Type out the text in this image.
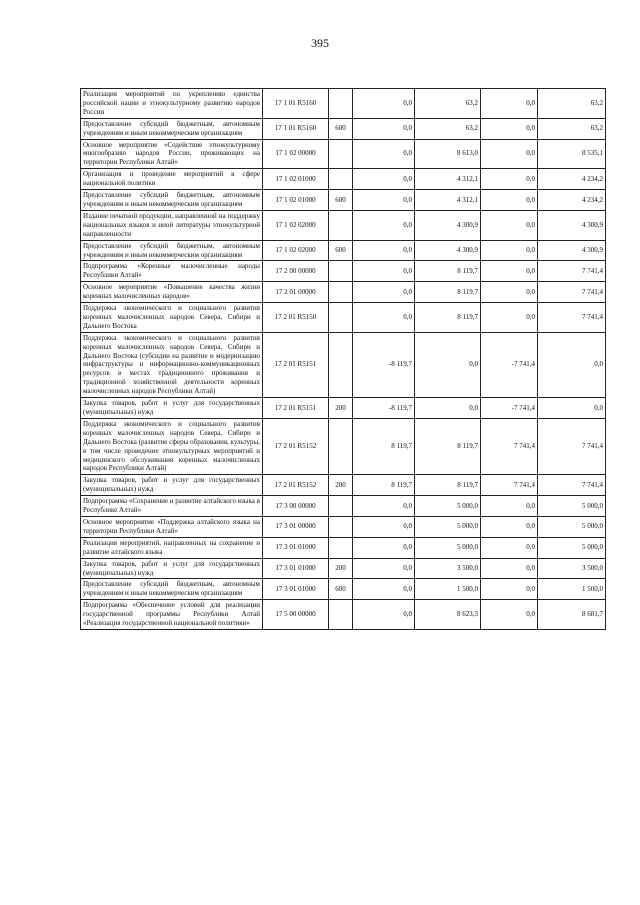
395
Реализация мероприятий по укреплению единства российской нации и этнокультурному развитию народов России	17 1 01 R5160		0,0	63,2	0,0	63,2
Предоставление субсидий бюджетным, автономным учреждениям и иным некоммерческим организациям	17 1 01 R5160	600	0,0	63,2	0,0	63,2
Основное мероприятие «Содействие этнокультурному многообразию народов России, проживающих на территории Республики Алтай»	17 1 02 00000		0,0	8 613,0	0,0	8 535,1
Организация и проведение мероприятий в сфере национальной политики	17 1 02 01000		0,0	4 312,1	0,0	4 234,2
Предоставление субсидий бюджетным, автономным учреждениям и иным некоммерческим организациям	17 1 02 01000	600	0,0	4 312,1	0,0	4 234,2
Издание печатной продукции, направленной на поддержку национальных языков и иной литературы этнокультурной направленности	17 1 02 02000		0,0	4 300,9	0,0	4 300,9
Предоставление субсидий бюджетным, автономным учреждениям и иным некоммерческим организациям	17 1 02 02000	600	0,0	4 300,9	0,0	4 300,9
Подпрограмма «Коренные малочисленные народы Республики Алтай»	17 2 00 00000		0,0	8 119,7	0,0	7 741,4
Основное мероприятие «Повышение качества жизни коренных малочисленных народов»	17 2 01 00000		0,0	8 119,7	0,0	7 741,4
Поддержка экономического и социального развития коренных малочисленных народов Севера, Сибири и Дальнего Востока	17 2 01 R5150		0,0	8 119,7	0,0	7 741,4
Поддержка экономического и социального развития коренных малочисленных народов Севера, Сибири и Дальнего Востока (субсидии на развитие и модернизацию инфраструктуры и информационно-коммуникационных ресурсов в местах традиционного проживания и традиционной хозяйственной деятельности коренных малочисленных народов Республики Алтай)	17 2 01 R5151		-8 119,7	0,0	-7 741,4	0,0
Закупка товаров, работ и услуг для государственных (муниципальных) нужд	17 2 01 R5151	200	-8 119,7	0,0	-7 741,4	0,0
Поддержка экономического и социального развития коренных малочисленных народов Севера, Сибири и Дальнего Востока (развитие сферы образования, культуры, в том числе проведение этнокультурных мероприятий и медицинского обслуживания коренных малочисленных народов Республики Алтай)	17 2 01 R5152		8 119,7	8 119,7	7 741,4	7 741,4
Закупка товаров, работ и услуг для государственных (муниципальных) нужд	17 2 01 R5152	200	8 119,7	8 119,7	7 741,4	7 741,4
Подпрограмма «Сохранение и развитие алтайского языка в Республике Алтай»	17 3 00 00000		0,0	5 000,0	0,0	5 000,0
Основное мероприятие «Поддержка алтайского языка на территории Республики Алтай»	17 3 01 00000		0,0	5 000,0	0,0	5 000,0
Реализация мероприятий, направленных на сохранение и развитие алтайского языка	17 3 01 01000		0,0	5 000,0	0,0	5 000,0
Закупка товаров, работ и услуг для государственных (муниципальных) нужд	17 3 01 01000	200	0,0	3 500,0	0,0	3 500,0
Предоставление субсидий бюджетным, автономным учреждениям и иным некоммерческим организациям	17 3 01 01000	600	0,0	1 500,0	0,0	1 500,0
Подпрограмма «Обеспечение условий для реализации государственной программы Республики Алтай «Реализация государственной национальной политики»	17 5 00 00000		0,0	8 623,3	0,0	8 681,7
